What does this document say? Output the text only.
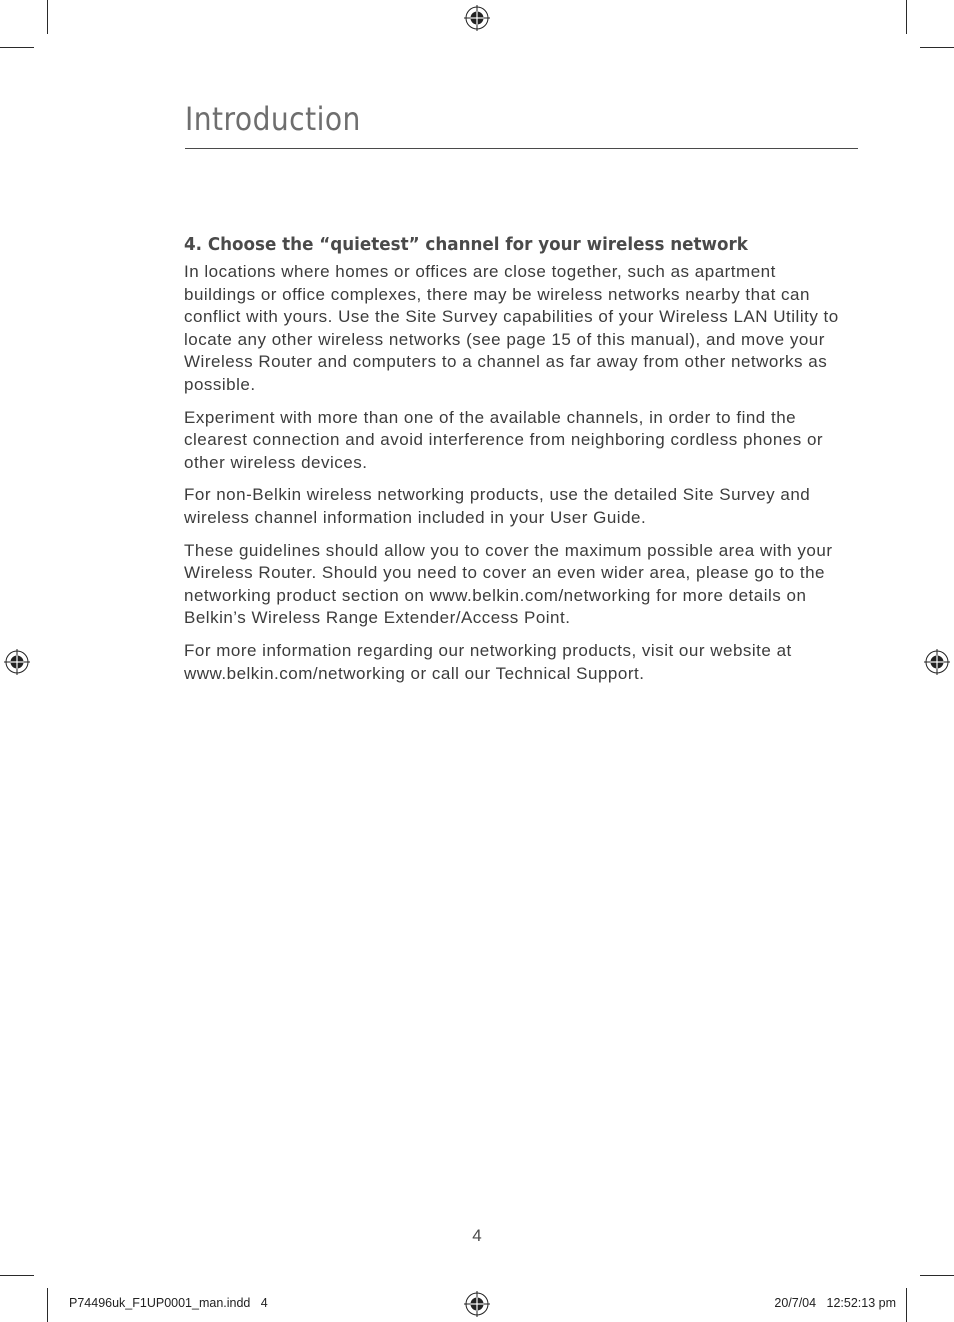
Introduction
4. Choose the “quietest” channel for your wireless network

In locations where homes or offices are close together, such as apartment buildings or office complexes, there may be wireless networks nearby that can conflict with yours. Use the Site Survey capabilities of your Wireless LAN Utility to locate any other wireless networks (see page 15 of this manual), and move your Wireless Router and computers to a channel as far away from other networks as possible.

Experiment with more than one of the available channels, in order to find the clearest connection and avoid interference from neighboring cordless phones or other wireless devices.

For non-Belkin wireless networking products, use the detailed Site Survey and wireless channel information included in your User Guide.

These guidelines should allow you to cover the maximum possible area with your Wireless Router. Should you need to cover an even wider area, please go to the networking product section on www.belkin.com/networking for more details on Belkin’s Wireless Range Extender/Access Point.

For more information regarding our networking products, visit our website at www.belkin.com/networking or call our Technical Support.

4
P74496uk_F1UP0001_man.indd   4	20/7/04   12:52:13 pm
